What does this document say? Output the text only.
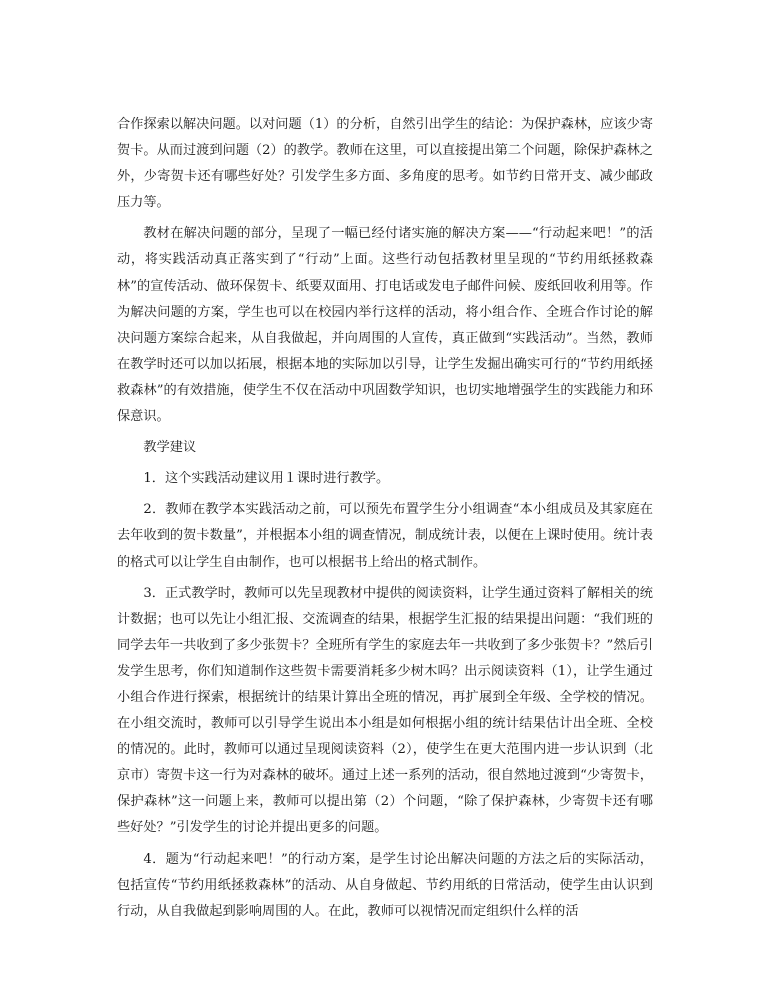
合作探索以解决问题。以对问题（1）的分析，自然引出学生的结论：为保护森林，应该少寄贺卡。从而过渡到问题（2）的教学。教师在这里，可以直接提出第二个问题，除保护森林之外，少寄贺卡还有哪些好处？引发学生多方面、多角度的思考。如节约日常开支、减少邮政压力等。

教材在解决问题的部分，呈现了一幅已经付诸实施的解决方案——“行动起来吧！”的活动，将实践活动真正落实到了“行动”上面。这些行动包括教材里呈现的“节约用纸拯救森林”的宣传活动、做环保贺卡、纸要双面用、打电话或发电子邮件问候、废纸回收利用等。作为解决问题的方案，学生也可以在校园内举行这样的活动，将小组合作、全班合作讨论的解决问题方案综合起来，从自我做起，并向周围的人宣传，真正做到“实践活动”。当然，教师在教学时还可以加以拓展，根据本地的实际加以引导，让学生发掘出确实可行的“节约用纸拯救森林”的有效措施，使学生不仅在活动中巩固数学知识，也切实地增强学生的实践能力和环保意识。

教学建议

1．这个实践活动建议用１课时进行教学。

2．教师在教学本实践活动之前，可以预先布置学生分小组调查“本小组成员及其家庭在去年收到的贺卡数量”，并根据本小组的调查情况，制成统计表，以便在上课时使用。统计表的格式可以让学生自由制作，也可以根据书上给出的格式制作。

3．正式教学时，教师可以先呈现教材中提供的阅读资料，让学生通过资料了解相关的统计数据；也可以先让小组汇报、交流调查的结果，根据学生汇报的结果提出问题：“我们班的同学去年一共收到了多少张贺卡？全班所有学生的家庭去年一共收到了多少张贺卡？”然后引发学生思考，你们知道制作这些贺卡需要消耗多少树木吗？出示阅读资料（1），让学生通过小组合作进行探索，根据统计的结果计算出全班的情况，再扩展到全年级、全学校的情况。在小组交流时，教师可以引导学生说出本小组是如何根据小组的统计结果估计出全班、全校的情况的。此时，教师可以通过呈现阅读资料（2），使学生在更大范围内进一步认识到（北京市）寄贺卡这一行为对森林的破坏。通过上述一系列的活动，很自然地过渡到“少寄贺卡，保护森林”这一问题上来，教师可以提出第（2）个问题，“除了保护森林，少寄贺卡还有哪些好处？”引发学生的讨论并提出更多的问题。

4．题为“行动起来吧！”的行动方案，是学生讨论出解决问题的方法之后的实际活动，包括宣传“节约用纸拯救森林”的活动、从自身做起、节约用纸的日常活动，使学生由认识到行动，从自我做起到影响周围的人。在此，教师可以视情况而定组织什么样的活
